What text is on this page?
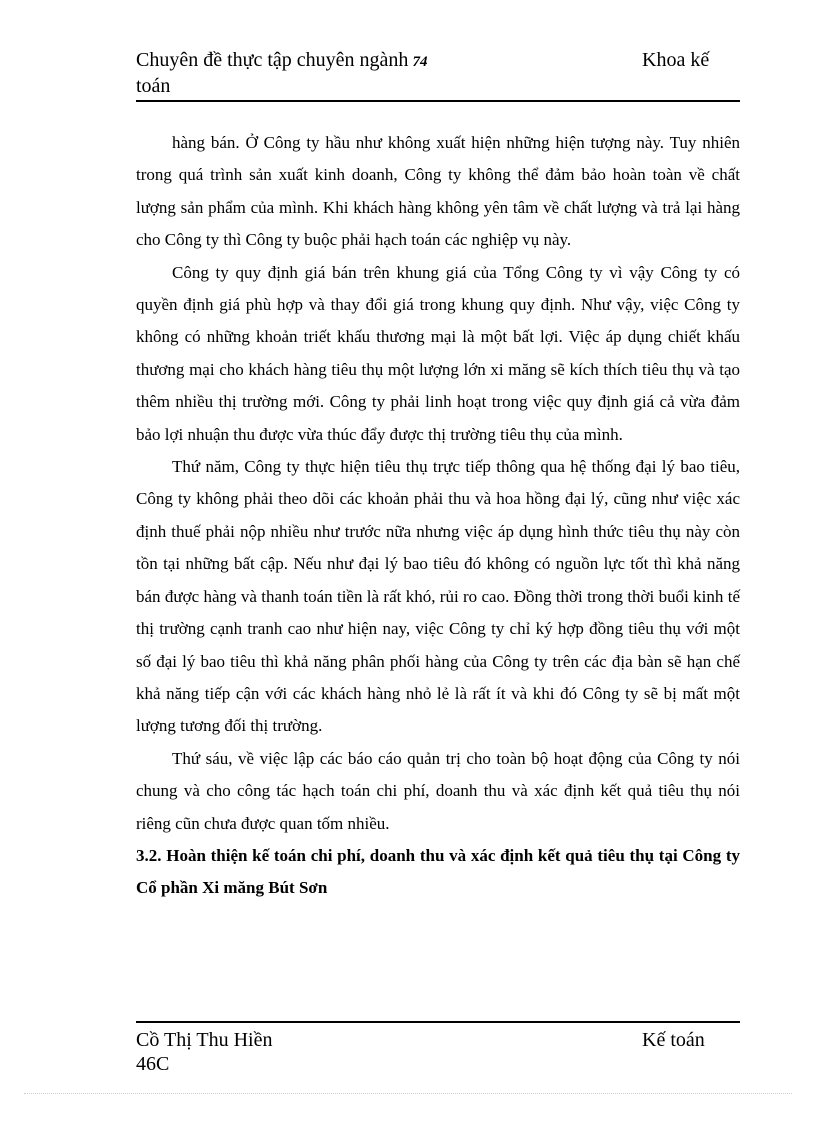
Chuyên đề thực tập chuyên ngành 74
toán
Khoa kế

hàng bán. Ở Công ty hầu như không xuất hiện những hiện tượng này. Tuy nhiên trong quá trình sản xuất kinh doanh, Công ty không thể đảm bảo hoàn toàn về chất lượng sản phẩm của mình. Khi khách hàng không yên tâm về chất lượng và trả lại hàng cho Công ty thì Công ty buộc phải hạch toán các nghiệp vụ này.

Công ty quy định giá bán trên khung giá của Tổng Công ty vì vậy Công ty có quyền định giá phù hợp và thay đổi giá trong khung quy định. Như vậy, việc Công ty không có những khoản triết khấu thương mại là một bất lợi. Việc áp dụng chiết khấu thương mại cho khách hàng tiêu thụ một lượng lớn xi măng sẽ kích thích tiêu thụ và tạo thêm nhiều thị trường mới. Công ty phải linh hoạt trong việc quy định giá cả vừa đảm bảo lợi nhuận thu được vừa thúc đẩy được thị trường tiêu thụ của mình.

Thứ năm, Công ty thực hiện tiêu thụ trực tiếp thông qua hệ thống đại lý bao tiêu, Công ty không phải theo dõi các khoản phải thu và hoa hồng đại lý, cũng như việc xác định thuế phải nộp nhiều như trước nữa nhưng việc áp dụng hình thức tiêu thụ này còn tồn tại những bất cập. Nếu như đại lý bao tiêu đó không có nguồn lực tốt thì khả năng bán được hàng và thanh toán tiền là rất khó, rủi ro cao. Đồng thời trong thời buổi kinh tế thị trường cạnh tranh cao như hiện nay, việc Công ty chỉ ký hợp đồng tiêu thụ với một số đại lý bao tiêu thì khả năng phân phối hàng của Công ty trên các địa bàn sẽ hạn chế khả năng tiếp cận với các khách hàng nhỏ lẻ là rất ít và khi đó Công ty sẽ bị mất một lượng tương đối thị trường.

Thứ sáu, về việc lập các báo cáo quản trị cho toàn bộ hoạt động của Công ty nói chung và cho công tác hạch toán chi phí, doanh thu và xác định kết quả tiêu thụ nói riêng cũn chưa được quan tốm nhiều.

3.2. Hoàn thiện kế toán chi phí, doanh thu và xác định kết quả tiêu thụ tại Công ty Cổ phần Xi măng Bút Sơn

Cồ Thị Thu Hiền	Kế toán
46C
